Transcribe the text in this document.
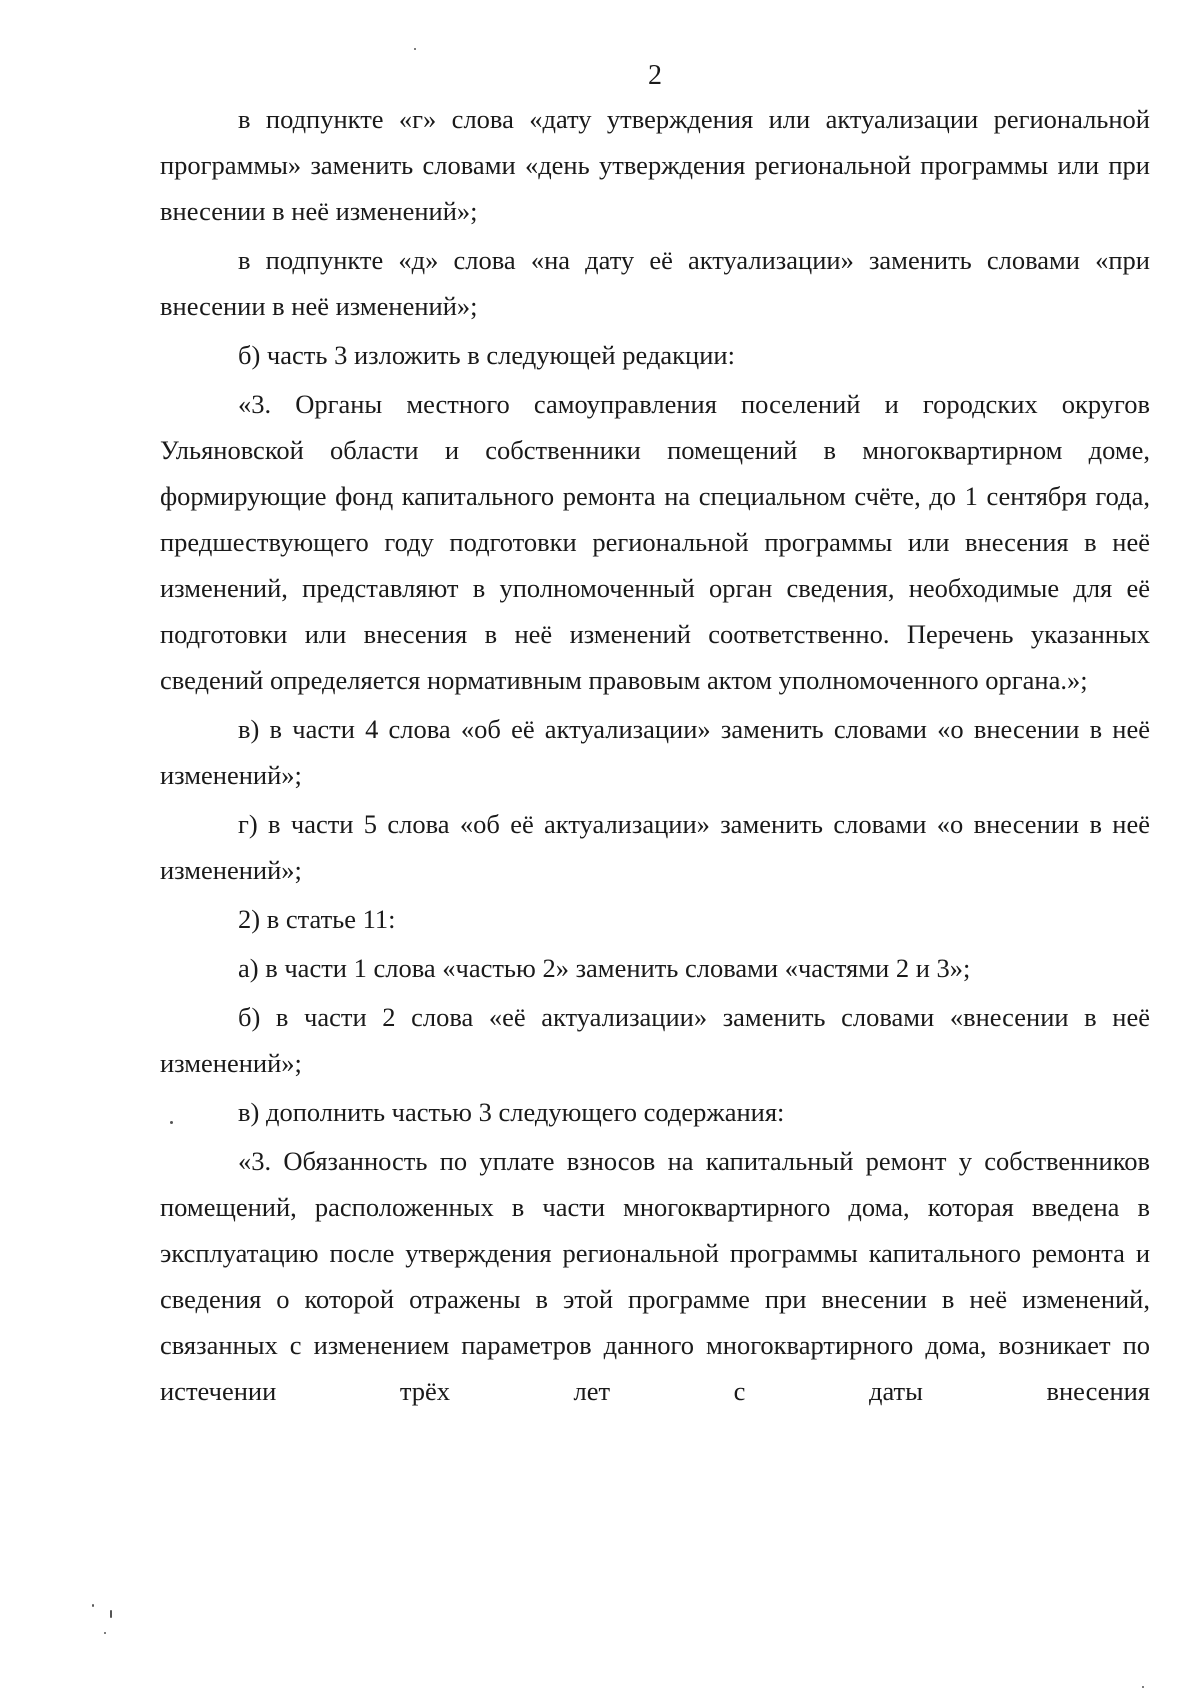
2

в подпункте «г» слова «дату утверждения или актуализации региональной программы» заменить словами «день утверждения региональной программы или при внесении в неё изменений»;

в подпункте «д» слова «на дату её актуализации» заменить словами «при внесении в неё изменений»;

б) часть 3 изложить в следующей редакции:

«3. Органы местного самоуправления поселений и городских округов Ульяновской области и собственники помещений в многоквартирном доме, формирующие фонд капитального ремонта на специальном счёте, до 1 сентября года, предшествующего году подготовки региональной программы или внесения в неё изменений, представляют в уполномоченный орган сведения, необходимые для её подготовки или внесения в неё изменений соответственно. Перечень указанных сведений определяется нормативным правовым актом уполномоченного органа.»;

в) в части 4 слова «об её актуализации» заменить словами «о внесении в неё изменений»;

г) в части 5 слова «об её актуализации» заменить словами «о внесении в неё изменений»;

2) в статье 11:

а) в части 1 слова «частью 2» заменить словами «частями 2 и 3»;

б) в части 2 слова «её актуализации» заменить словами «внесении в неё изменений»;

в) дополнить частью 3 следующего содержания:

«3. Обязанность по уплате взносов на капитальный ремонт у собственников помещений, расположенных в части многоквартирного дома, которая введена в эксплуатацию после утверждения региональной программы капитального ремонта и сведения о которой отражены в этой программе при внесении в неё изменений, связанных с изменением параметров данного многоквартирного дома, возникает по истечении трёх лет с даты внесения
